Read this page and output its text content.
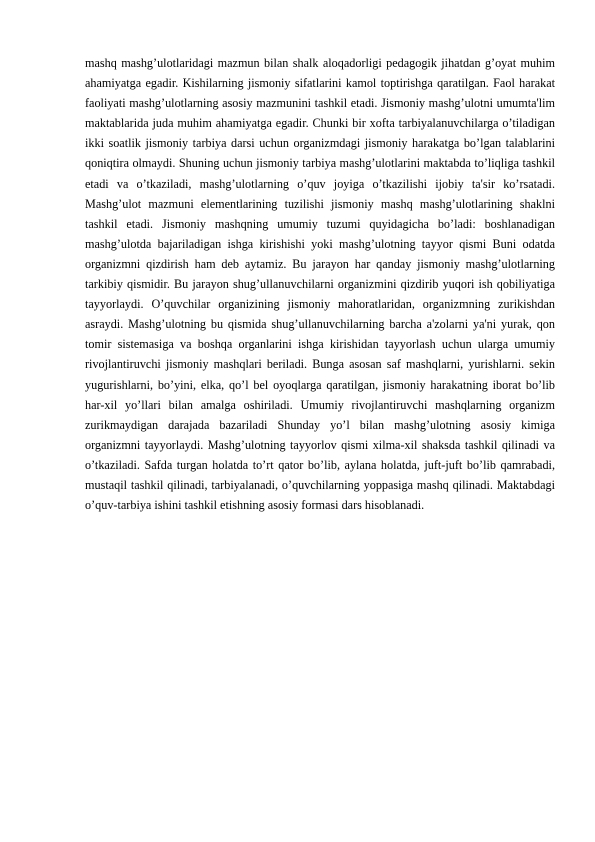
mashq mashg’ulotlaridagi mazmun bilan shalk aloqadorligi pedagogik jihatdan g’oyat muhim ahamiyatga egadir. Kishilarning jismoniy sifatlarini kamol toptirishga qaratilgan. Faol harakat faoliyati mashg’ulotlarning asosiy mazmunini tashkil etadi. Jismoniy mashg’ulotni umumta'lim maktablarida juda muhim ahamiyatga egadir. Chunki bir xofta tarbiyalanuvchilarga o’tiladigan ikki soatlik jismoniy tarbiya darsi uchun organizmdagi jismoniy harakatga bo’lgan talablarini qoniqtira olmaydi. Shuning uchun jismoniy tarbiya mashg’ulotlarini maktabda to’liqliga tashkil etadi va o’tkaziladi, mashg’ulotlarning o’quv joyiga o’tkazilishi ijobiy ta'sir ko’rsatadi. Mashg’ulot mazmuni elementlarining tuzilishi jismoniy mashq mashg’ulotlarining shaklni tashkil etadi. Jismoniy mashqning umumiy tuzumi quyidagicha bo’ladi: boshlanadigan mashg’ulotda bajariladigan ishga kirishishi yoki mashg’ulotning tayyor qismi Buni odatda organizmni qizdirish ham deb aytamiz. Bu jarayon har qanday jismoniy mashg’ulotlarning tarkibiy qismidir. Bu jarayon shug’ullanuvchilarni organizmini qizdirib yuqori ish qobiliyatiga tayyorlaydi. O’quvchilar organizining jismoniy mahoratlaridan, organizmning zurikishdan asraydi. Mashg’ulotning bu qismida shug’ullanuvchilarning barcha a'zolarni ya'ni yurak, qon tomir sistemasiga va boshqa organlarini ishga kirishidan tayyorlash uchun ularga umumiy rivojlantiruvchi jismoniy mashqlari beriladi. Bunga asosan saf mashqlarni, yurishlarni. sekin yugurishlarni, bo’yini, elka, qo’l bel oyoqlarga qaratilgan, jismoniy harakatning iborat bo’lib har-xil yo’llari bilan amalga oshiriladi. Umumiy rivojlantiruvchi mashqlarning organizm zurikmaydigan darajada bazariladi Shunday yo’l bilan mashg’ulotning asosiy kimiga organizmni tayyorlaydi. Mashg’ulotning tayyorlov qismi xilma-xil shaksda tashkil qilinadi va o’tkaziladi. Safda turgan holatda to’rt qator bo’lib, aylana holatda, juft-juft bo’lib qamrabadi, mustaqil tashkil qilinadi, tarbiyalanadi, o’quvchilarning yoppasiga mashq qilinadi. Maktabdagi o’quv-tarbiya ishini tashkil etishning asosiy formasi dars hisoblanadi.
